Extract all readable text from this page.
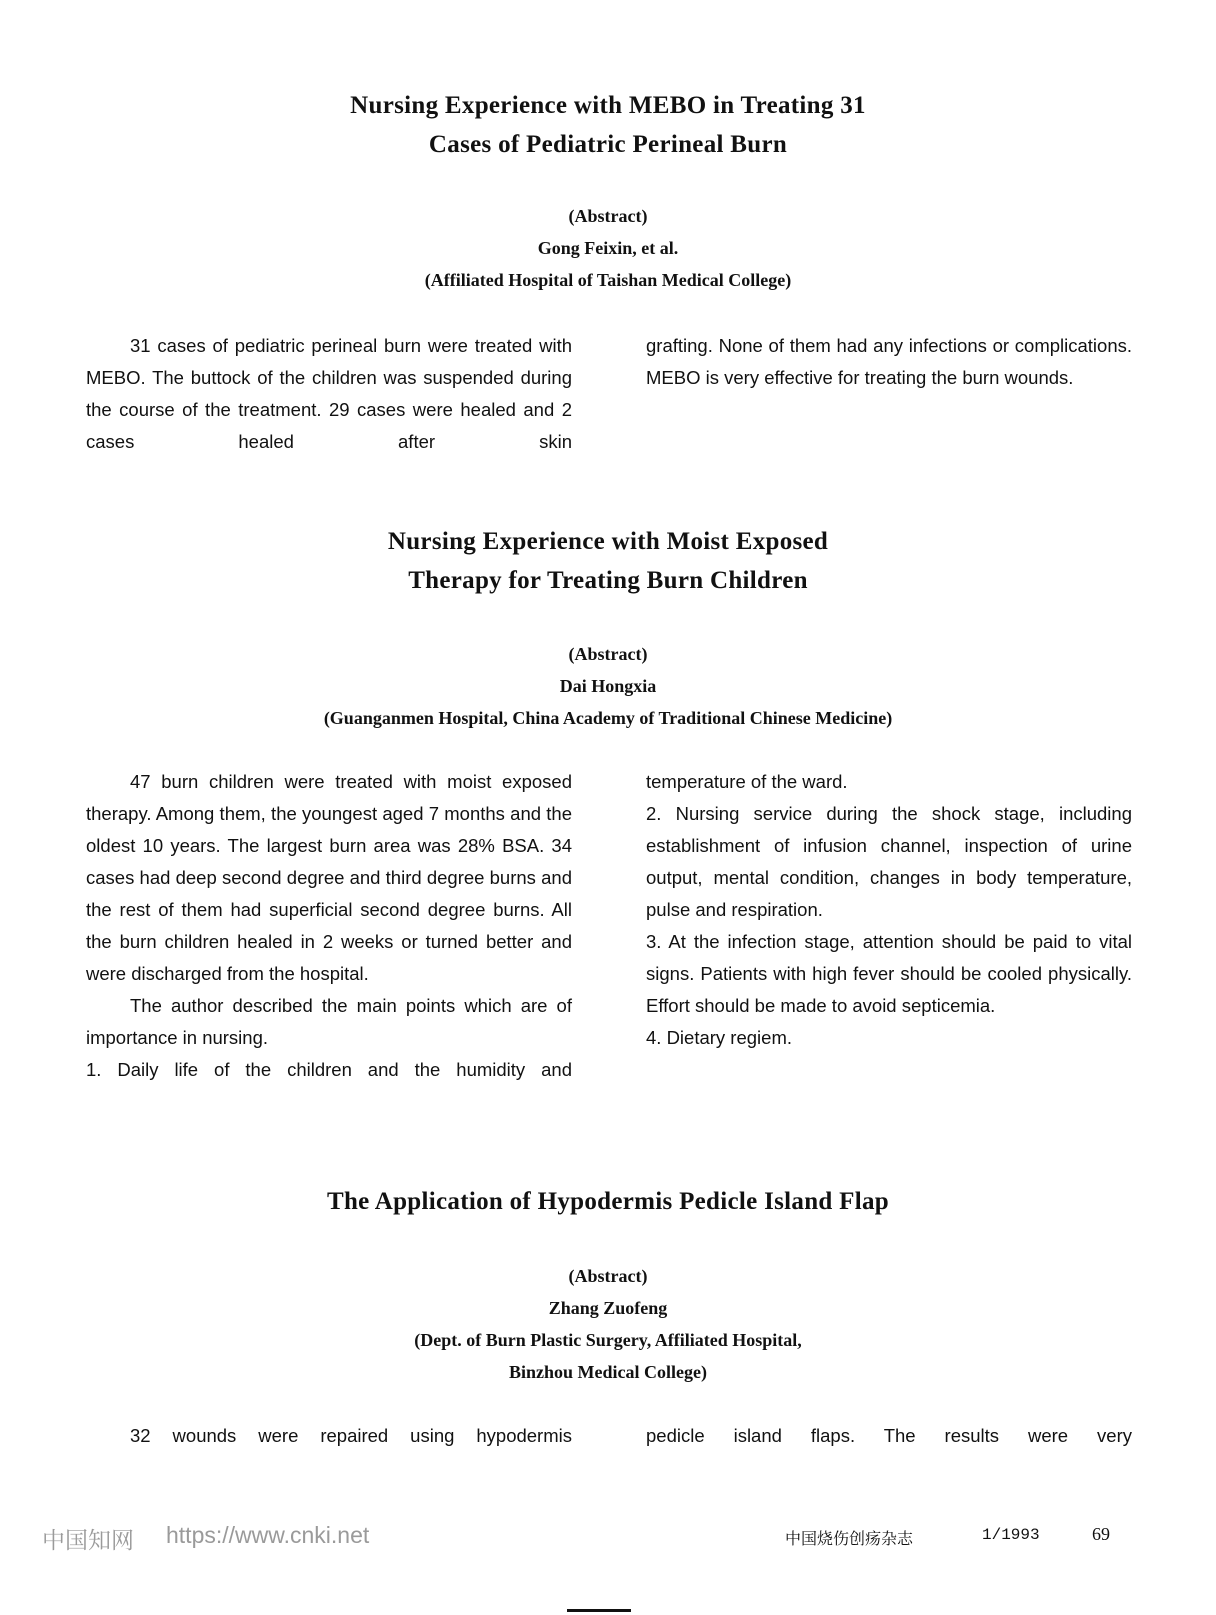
Nursing Experience with MEBO in Treating 31
Cases of Pediatric Perineal Burn
(Abstract)
Gong Feixin, et al.
(Affiliated Hospital of Taishan Medical College)

31 cases of pediatric perineal burn were treated with MEBO. The buttock of the children was suspended during the course of the treatment. 29 cases were healed and 2 cases healed after skin

grafting. None of them had any infections or complications. MEBO is very effective for treating the burn wounds.

Nursing Experience with Moist Exposed
Therapy for Treating Burn Children
(Abstract)
Dai Hongxia
(Guanganmen Hospital, China Academy of Traditional Chinese Medicine)

47 burn children were treated with moist exposed therapy. Among them, the youngest aged 7 months and the oldest 10 years. The largest burn area was 28% BSA. 34 cases had deep second degree and third degree burns and the rest of them had superficial second degree burns. All the burn children healed in 2 weeks or turned better and were discharged from the hospital.

The author described the main points which are of importance in nursing.

1. Daily life of the children and the humidity and

temperature of the ward.

2. Nursing service during the shock stage, including establishment of infusion channel, inspection of urine output, mental condition, changes in body temperature, pulse and respiration.

3. At the infection stage, attention should be paid to vital signs. Patients with high fever should be cooled physically. Effort should be made to avoid septicemia.

4. Dietary regiem.

The Application of Hypodermis Pedicle Island Flap
(Abstract)
Zhang Zuofeng
(Dept. of Burn Plastic Surgery, Affiliated Hospital,
Binzhou Medical College)

32 wounds were repaired using hypodermis	pedicle island flaps. The results were very

中国知网 https://www.cnki.net	中国烧伤创疡杂志	1/1993	69
